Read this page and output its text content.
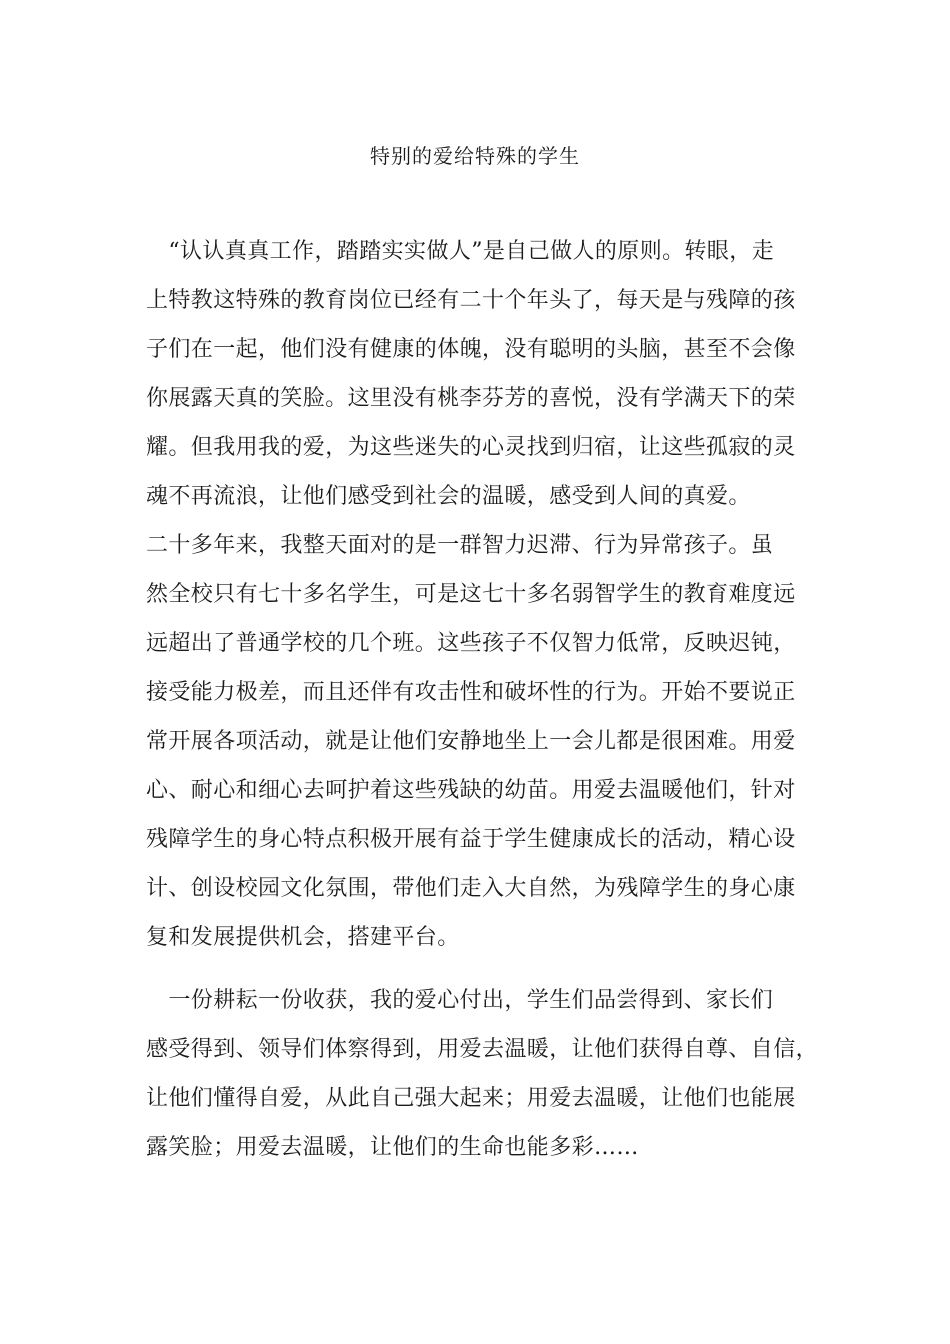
特别的爱给特殊的学生
　“认认真真工作，踏踏实实做人”是自己做人的原则。转眼，走
上特教这特殊的教育岗位已经有二十个年头了，每天是与残障的孩
子们在一起，他们没有健康的体魄，没有聪明的头脑，甚至不会像
你展露天真的笑脸。这里没有桃李芬芳的喜悦，没有学满天下的荣
耀。但我用我的爱，为这些迷失的心灵找到归宿，让这些孤寂的灵
魂不再流浪，让他们感受到社会的温暖，感受到人间的真爱。
二十多年来，我整天面对的是一群智力迟滞、行为异常孩子。虽
然全校只有七十多名学生，可是这七十多名弱智学生的教育难度远
远超出了普通学校的几个班。这些孩子不仅智力低常，反映迟钝，
接受能力极差，而且还伴有攻击性和破坏性的行为。开始不要说正
常开展各项活动，就是让他们安静地坐上一会儿都是很困难。用爱
心、耐心和细心去呵护着这些残缺的幼苗。用爱去温暖他们，针对
残障学生的身心特点积极开展有益于学生健康成长的活动，精心设
计、创设校园文化氛围，带他们走入大自然，为残障学生的身心康
复和发展提供机会，搭建平台。
　一份耕耘一份收获，我的爱心付出，学生们品尝得到、家长们
感受得到、领导们体察得到，用爱去温暖，让他们获得自尊、自信，
让他们懂得自爱，从此自己强大起来；用爱去温暖，让他们也能展
露笑脸；用爱去温暖，让他们的生命也能多彩……
